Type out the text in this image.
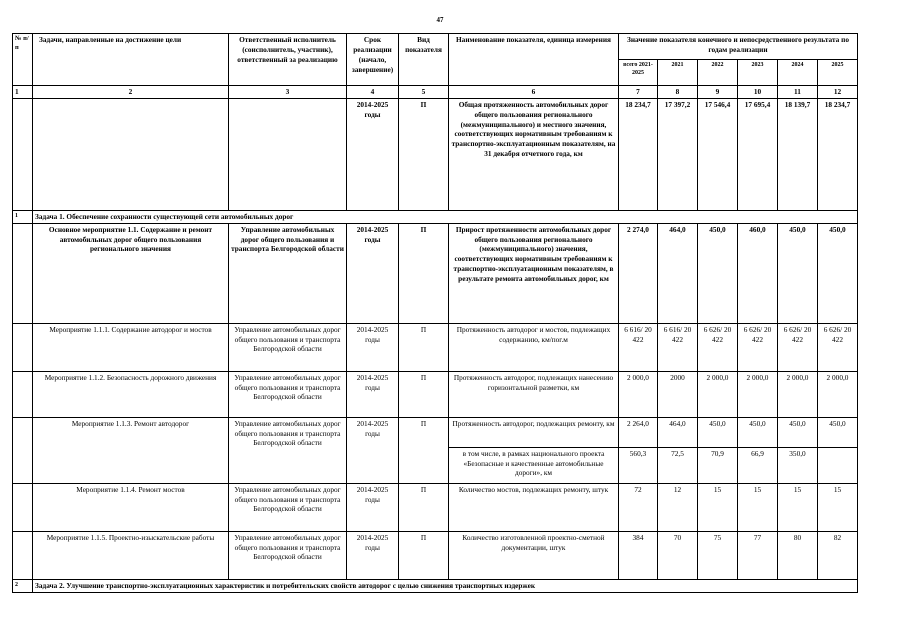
47
№ п/п	Задачи, направленные на достижение цели	Ответственный исполнитель (соисполнитель, участник), ответственный за реализацию	Срок реализации (начало, завершение)	Вид показателя	Наименование показателя, единица измерения	Значение показателя конечного и непосредственного результата по годам реализации					
						всего 2021-2025	2021	2022	2023	2024	2025
1	2	3	4	5	6	7	8	9	10	11	12
			2014-2025 годы	П	Общая протяженность автомобильных дорог общего пользования регионального (межмуниципального) и местного значения, соответствующих нормативным требованиям к транспортно-эксплуатационным показателям, на 31 декабря отчетного года, км	18 234,7	17 397,2	17 546,4	17 695,4	18 139,7	18 234,7
1	Задача 1. Обеспечение сохранности существующей сети автомобильных дорог										
	Основное мероприятие 1.1. Содержание и ремонт автомобильных дорог общего пользования регионального значения	Управление автомобильных дорог общего пользования и транспорта Белгородской области	2014-2025 годы	П	Прирост протяженности автомобильных дорог общего пользования регионального (межмуниципального) значения, соответствующих нормативным требованиям к транспортно-эксплуатационным показателям, в результате ремонта автомобильных дорог, км	2 274,0	464,0	450,0	460,0	450,0	450,0
	Мероприятие 1.1.1. Содержание автодорог и мостов	Управление автомобильных дорог общего пользования и транспорта Белгородской области	2014-2025 годы	П	Протяженность автодорог и мостов, подлежащих содержанию, км/пог.м	6 616/ 20 422	6 616/ 20 422	6 626/ 20 422	6 626/ 20 422	6 626/ 20 422	6 626/ 20 422
	Мероприятие 1.1.2. Безопасность дорожного движения	Управление автомобильных дорог общего пользования и транспорта Белгородской области	2014-2025 годы	П	Протяженность автодорог, подлежащих нанесению горизонтальной разметки, км	2 000,0	2000	2 000,0	2 000,0	2 000,0	2 000,0
	Мероприятие 1.1.3. Ремонт автодорог	Управление автомобильных дорог общего пользования и транспорта Белгородской области	2014-2025 годы	П	Протяженность автодорог, подлежащих ремонту, км	2 264,0	464,0	450,0	450,0	450,0	450,0
					в том числе, в рамках национального проекта «Безопасные и качественные автомобильные дороги», км	560,3	72,5	70,9	66,9	350,0	
	Мероприятие 1.1.4. Ремонт мостов	Управление автомобильных дорог общего пользования и транспорта Белгородской области	2014-2025 годы	П	Количество мостов, подлежащих ремонту, штук	72	12	15	15	15	15
	Мероприятие 1.1.5. Проектно-изыскательские работы	Управление автомобильных дорог общего пользования и транспорта Белгородской области	2014-2025 годы	П	Количество изготовленной проектно-сметной документации, штук	384	70	75	77	80	82
2	Задача 2. Улучшение транспортно-эксплуатационных характеристик и потребительских свойств автодорог с целью снижения транспортных издержек										
